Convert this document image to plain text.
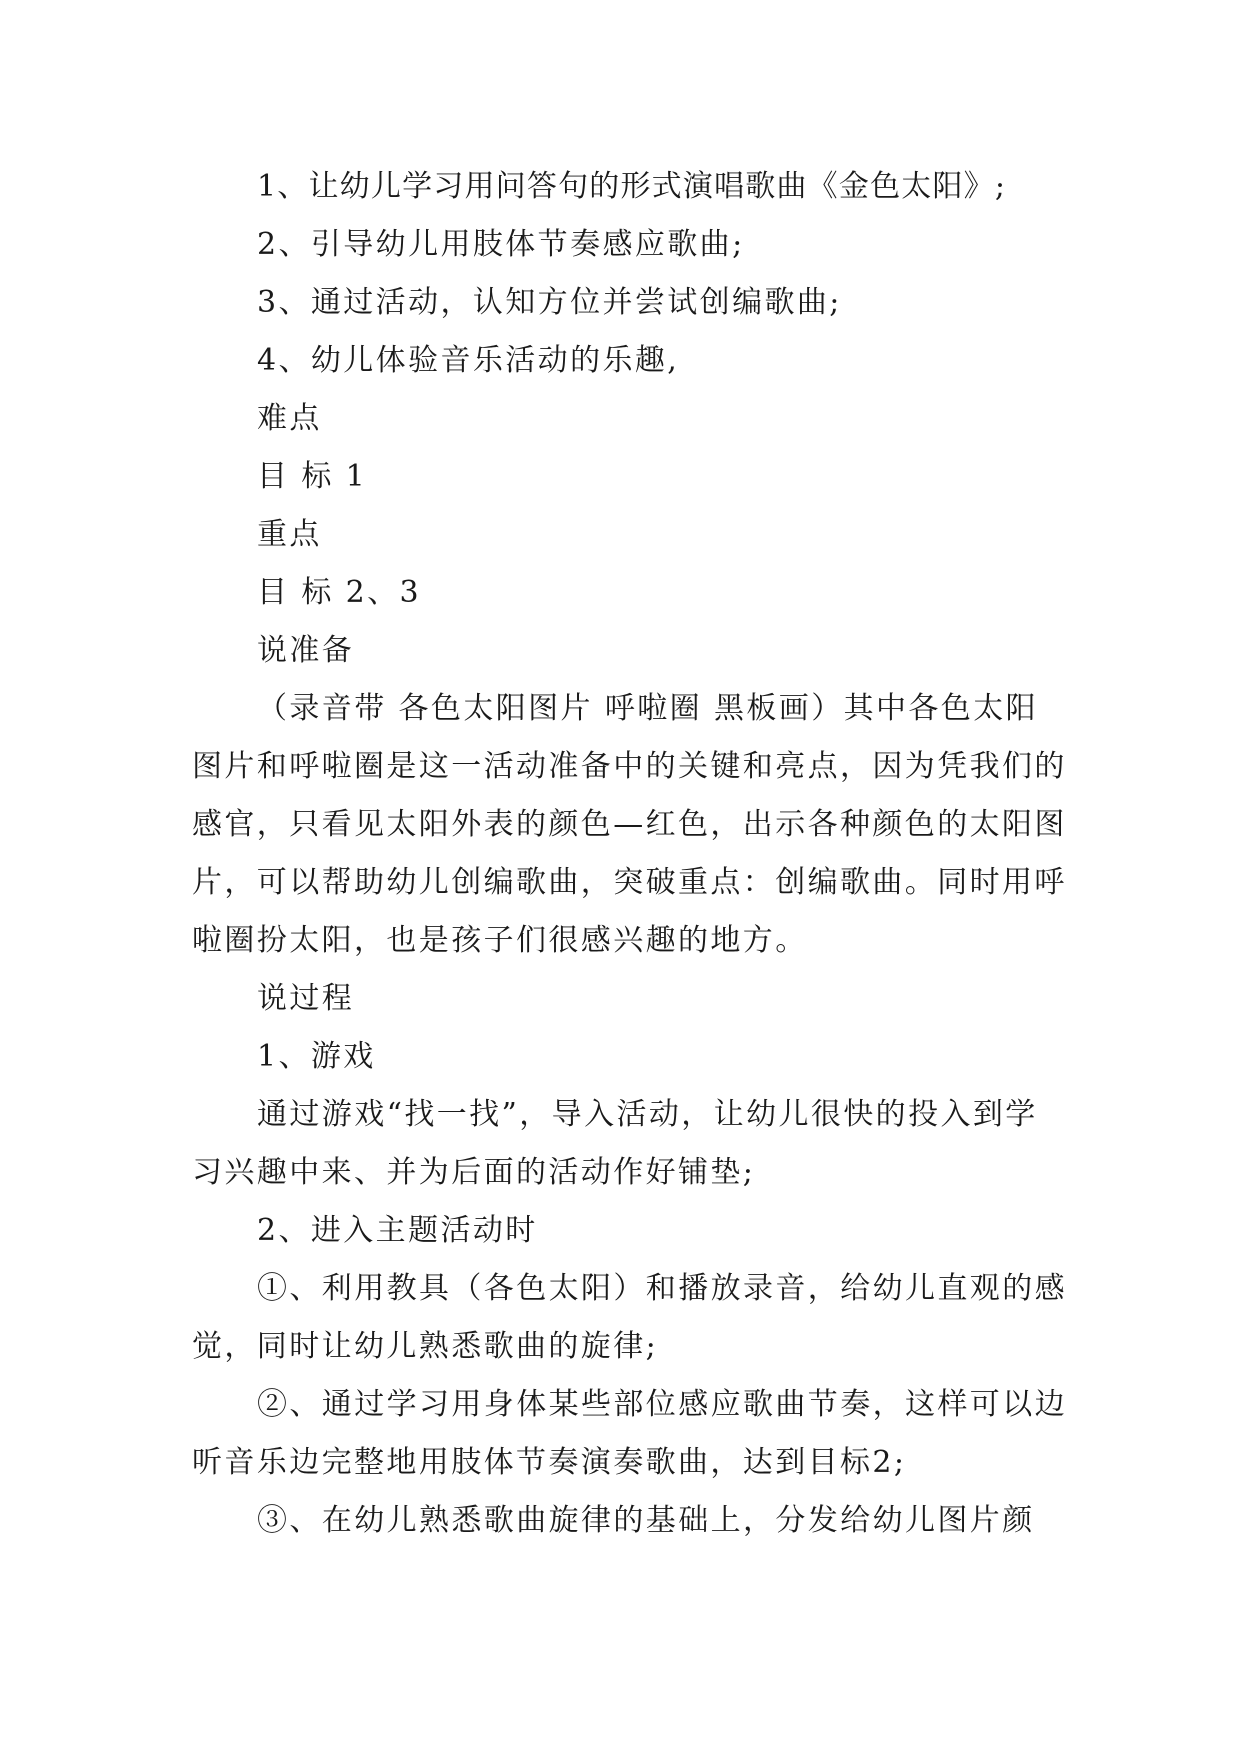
1、让幼儿学习用问答句的形式演唱歌曲《金色太阳》;

2、引导幼儿用肢体节奏感应歌曲;

3、通过活动，认知方位并尝试创编歌曲;

4、幼儿体验音乐活动的乐趣,

难点

目 标 1

重点

目 标 2、3

说准备

（录音带 各色太阳图片 呼啦圈 黑板画）其中各色太阳图片和呼啦圈是这一活动准备中的关键和亮点，因为凭我们的感官，只看见太阳外表的颜色—红色，出示各种颜色的太阳图片，可以帮助幼儿创编歌曲，突破重点：创编歌曲。同时用呼啦圈扮太阳，也是孩子们很感兴趣的地方。

说过程

1、游戏

通过游戏“找一找”，导入活动，让幼儿很快的投入到学习兴趣中来、并为后面的活动作好铺垫;

2、进入主题活动时

①、利用教具（各色太阳）和播放录音，给幼儿直观的感觉，同时让幼儿熟悉歌曲的旋律;

②、通过学习用身体某些部位感应歌曲节奏，这样可以边听音乐边完整地用肢体节奏演奏歌曲，达到目标2;

③、在幼儿熟悉歌曲旋律的基础上，分发给幼儿图片颜
